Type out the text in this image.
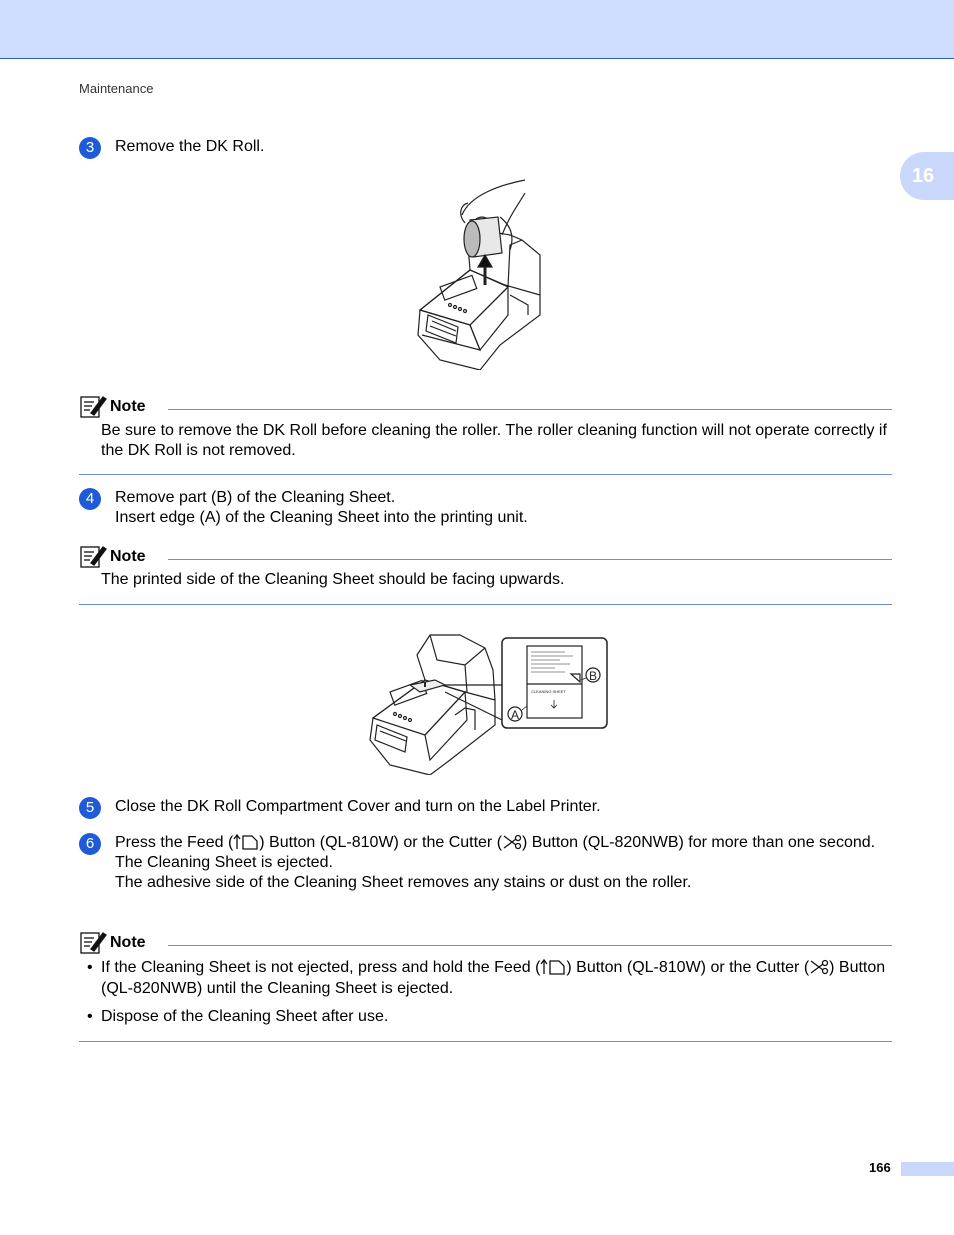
Maintenance
16
3	Remove the DK Roll.
Note
Be sure to remove the DK Roll before cleaning the roller. The roller cleaning function will not operate correctly if the DK Roll is not removed.
4	Remove part (B) of the Cleaning Sheet.
Insert edge (A) of the Cleaning Sheet into the printing unit.
Note
The printed side of the Cleaning Sheet should be facing upwards.
CLEANING SHEET
B
A
5	Close the DK Roll Compartment Cover and turn on the Label Printer.
6	Press the Feed ( ) Button (QL-810W) or the Cutter ( ) Button (QL-820NWB) for more than one second.
The Cleaning Sheet is ejected.
The adhesive side of the Cleaning Sheet removes any stains or dust on the roller.
Note
• If the Cleaning Sheet is not ejected, press and hold the Feed ( ) Button (QL-810W) or the Cutter ( ) Button (QL-820NWB) until the Cleaning Sheet is ejected.
• Dispose of the Cleaning Sheet after use.
166
